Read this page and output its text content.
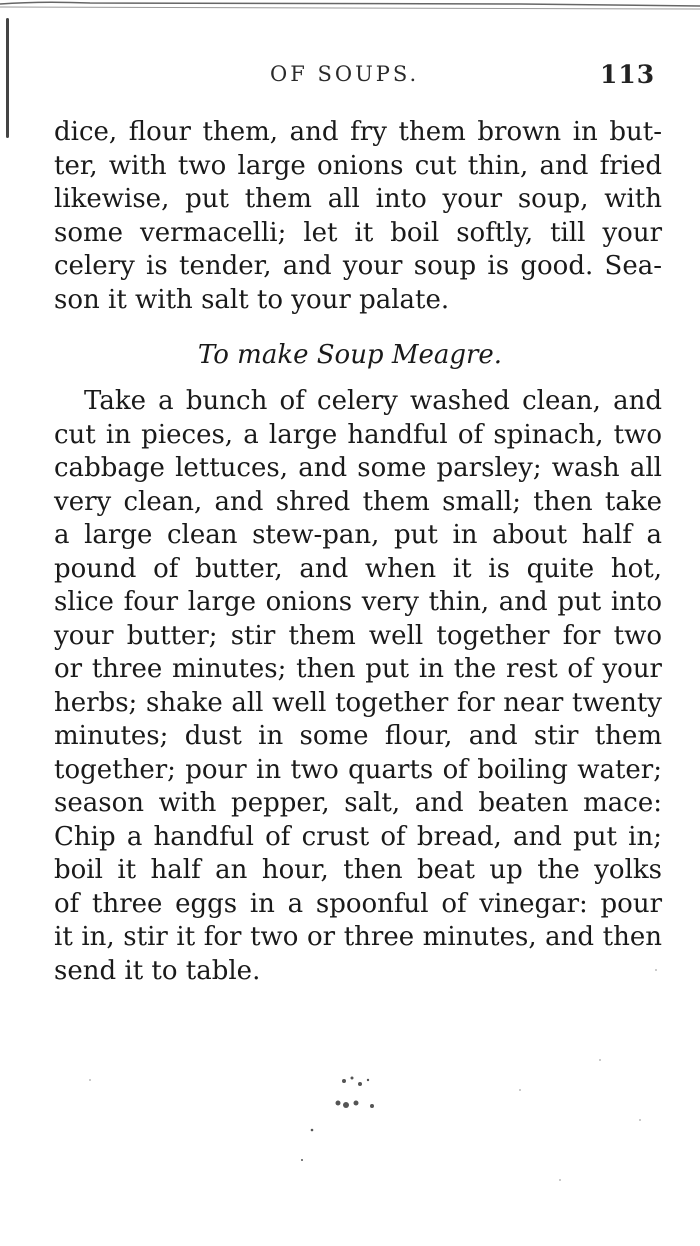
OF SOUPS.	113
dice, flour them, and fry them brown in but-
ter, with two large onions cut thin, and fried
likewise, put them all into your soup, with
some vermacelli; let it boil softly, till your
celery is tender, and your soup is good. Sea-
son it with salt to your palate.
To make Soup Meagre.
Take a bunch of celery washed clean, and
cut in pieces, a large handful of spinach, two
cabbage lettuces, and some parsley; wash all
very clean, and shred them small; then take
a large clean stew-pan, put in about half a
pound of butter, and when it is quite hot,
slice four large onions very thin, and put into
your butter; stir them well together for two
or three minutes; then put in the rest of your
herbs; shake all well together for near twenty
minutes; dust in some flour, and stir them
together; pour in two quarts of boiling water;
season with pepper, salt, and beaten mace:
Chip a handful of crust of bread, and put in;
boil it half an hour, then beat up the yolks
of three eggs in a spoonful of vinegar: pour
it in, stir it for two or three minutes, and then
send it to table.
